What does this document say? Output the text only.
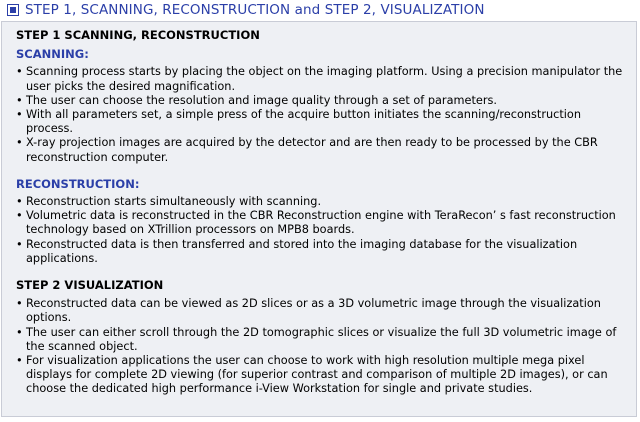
STEP 1, SCANNING, RECONSTRUCTION and STEP 2, VISUALIZATION
STEP 1 SCANNING, RECONSTRUCTION
SCANNING:
• Scanning process starts by placing the object on the imaging platform. Using a precision manipulator the user picks the desired magnification.
• The user can choose the resolution and image quality through a set of parameters.
• With all parameters set, a simple press of the acquire button initiates the scanning/reconstruction process.
• X-ray projection images are acquired by the detector and are then ready to be processed by the CBR reconstruction computer.
RECONSTRUCTION:
• Reconstruction starts simultaneously with scanning.
• Volumetric data is reconstructed in the CBR Reconstruction engine with TeraRecon’ s fast reconstruction technology based on XTrillion processors on MPB8 boards.
• Reconstructed data is then transferred and stored into the imaging database for the visualization applications.
STEP 2 VISUALIZATION
• Reconstructed data can be viewed as 2D slices or as a 3D volumetric image through the visualization options.
• The user can either scroll through the 2D tomographic slices or visualize the full 3D volumetric image of the scanned object.
• For visualization applications the user can choose to work with high resolution multiple mega pixel displays for complete 2D viewing (for superior contrast and comparison of multiple 2D images), or can choose the dedicated high performance i-View Workstation for single and private studies.
